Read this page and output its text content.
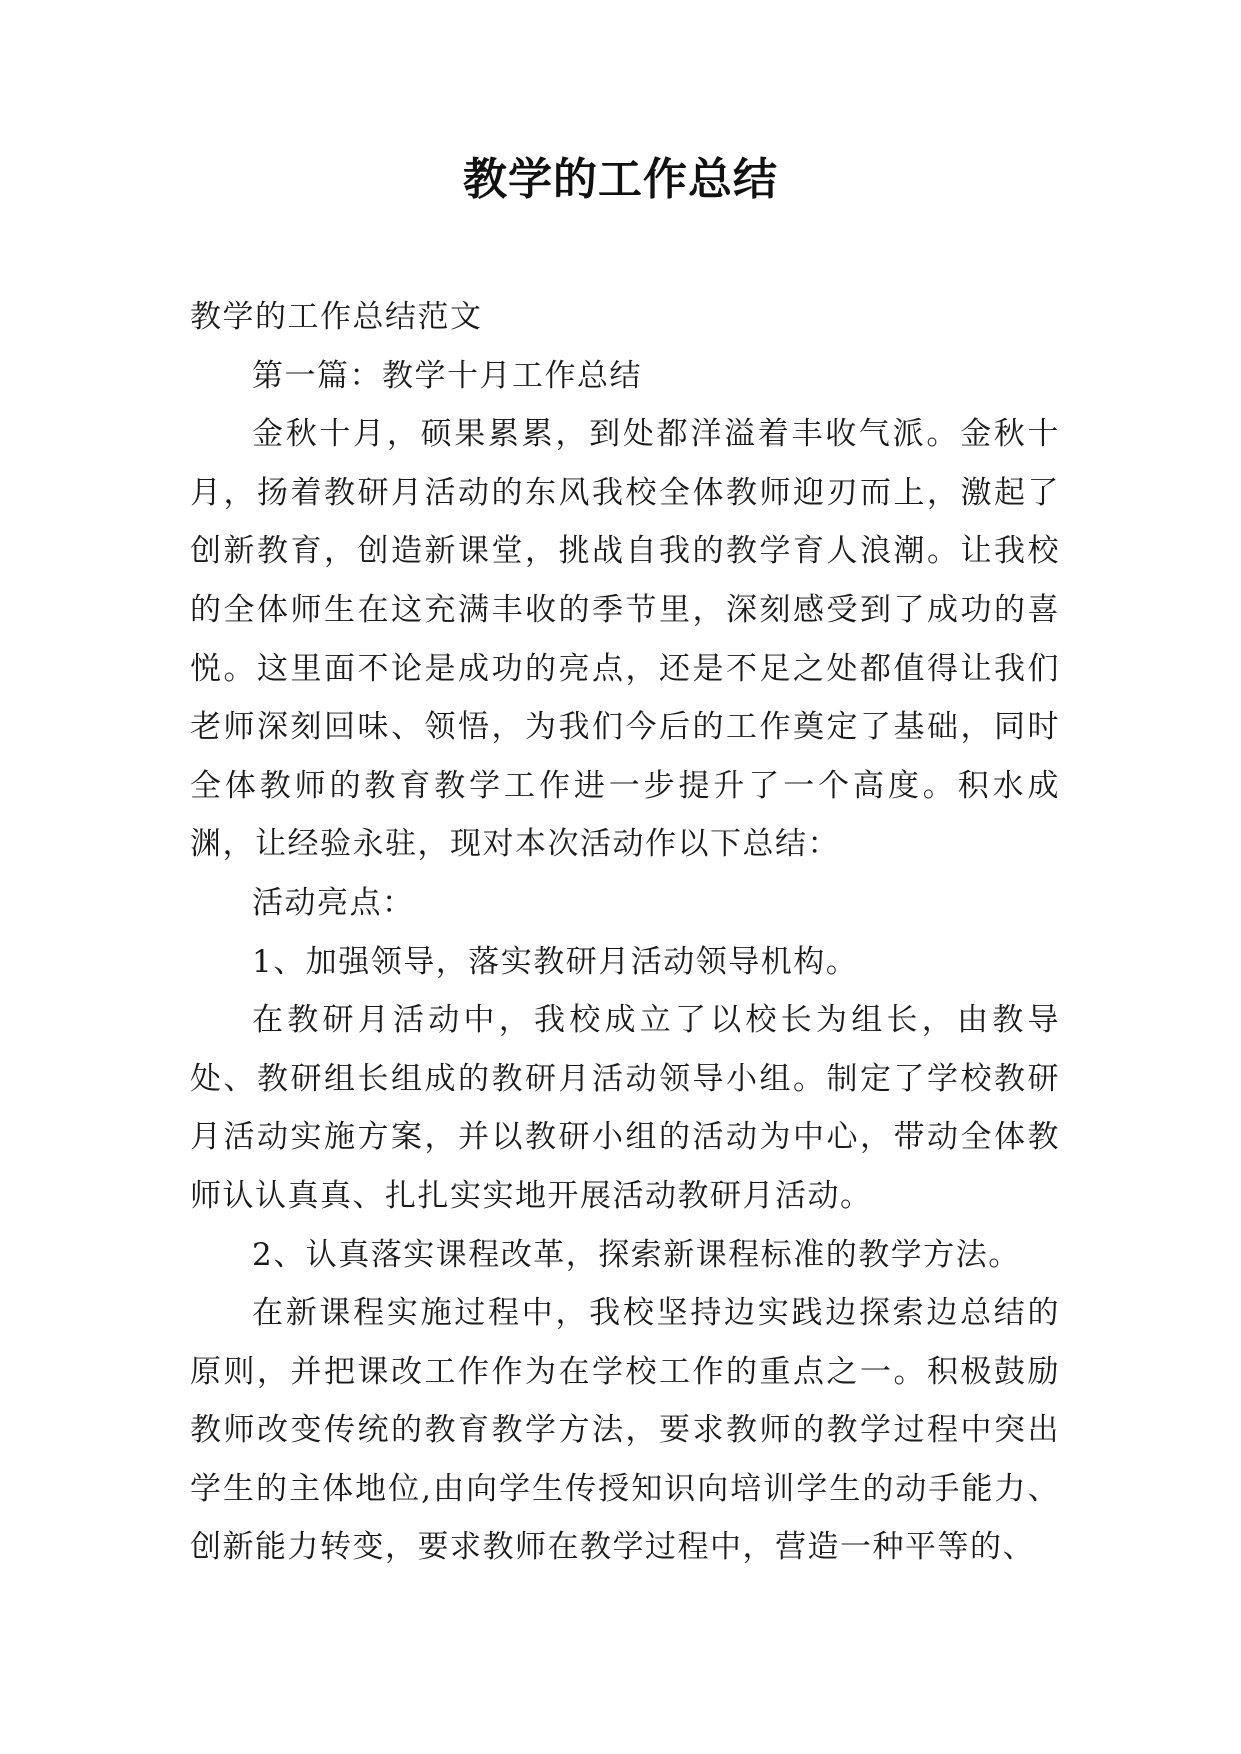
教学的工作总结

教学的工作总结范文

第一篇：教学十月工作总结

金秋十月，硕果累累，到处都洋溢着丰收气派。金秋十月，扬着教研月活动的东风我校全体教师迎刃而上，激起了创新教育，创造新课堂，挑战自我的教学育人浪潮。让我校的全体师生在这充满丰收的季节里，深刻感受到了成功的喜悦。这里面不论是成功的亮点，还是不足之处都值得让我们老师深刻回味、领悟，为我们今后的工作奠定了基础，同时全体教师的教育教学工作进一步提升了一个高度。积水成渊，让经验永驻，现对本次活动作以下总结：

活动亮点：

1、加强领导，落实教研月活动领导机构。

在教研月活动中，我校成立了以校长为组长，由教导处、教研组长组成的教研月活动领导小组。制定了学校教研月活动实施方案，并以教研小组的活动为中心，带动全体教师认认真真、扎扎实实地开展活动教研月活动。

2、认真落实课程改革，探索新课程标准的教学方法。

在新课程实施过程中，我校坚持边实践边探索边总结的原则，并把课改工作作为在学校工作的重点之一。积极鼓励教师改变传统的教育教学方法，要求教师的教学过程中突出学生的主体地位,由向学生传授知识向培训学生的动手能力、创新能力转变，要求教师在教学过程中，营造一种平等的、
